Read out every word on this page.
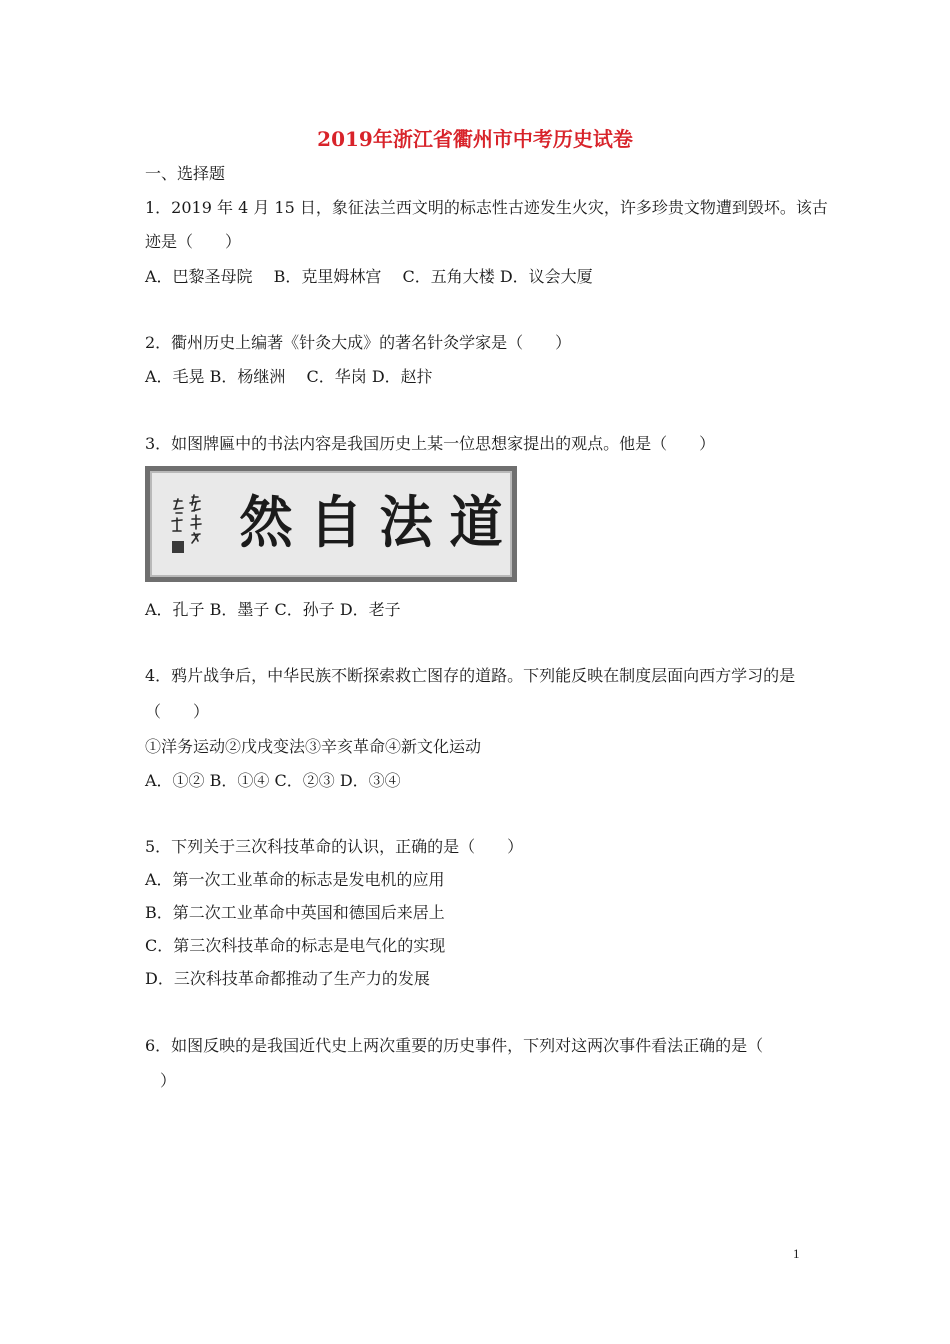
2019年浙江省衢州市中考历史试卷
一、选择题
1．2019 年 4 月 15 日，象征法兰西文明的标志性古迹发生火灾，许多珍贵文物遭到毁坏。该古
迹是（　　）
A．巴黎圣母院　 B．克里姆林宫　 C．五角大楼 D．议会大厦
2．衢州历史上编著《针灸大成》的著名针灸学家是（　　）
A．毛晃 B．杨继洲　 C．华岗 D．赵抃
3．如图牌匾中的书法内容是我国历史上某一位思想家提出的观点。他是（　　）
然 自 法 道
A．孔子 B．墨子 C．孙子 D．老子
4．鸦片战争后，中华民族不断探索救亡图存的道路。下列能反映在制度层面向西方学习的是
（　　）
①洋务运动②戊戌变法③辛亥革命④新文化运动
A．①② B．①④ C．②③ D．③④
5．下列关于三次科技革命的认识，正确的是（　　）
A．第一次工业革命的标志是发电机的应用
B．第二次工业革命中英国和德国后来居上
C．第三次科技革命的标志是电气化的实现
D．三次科技革命都推动了生产力的发展
6．如图反映的是我国近代史上两次重要的历史事件，下列对这两次事件看法正确的是（
）
1
